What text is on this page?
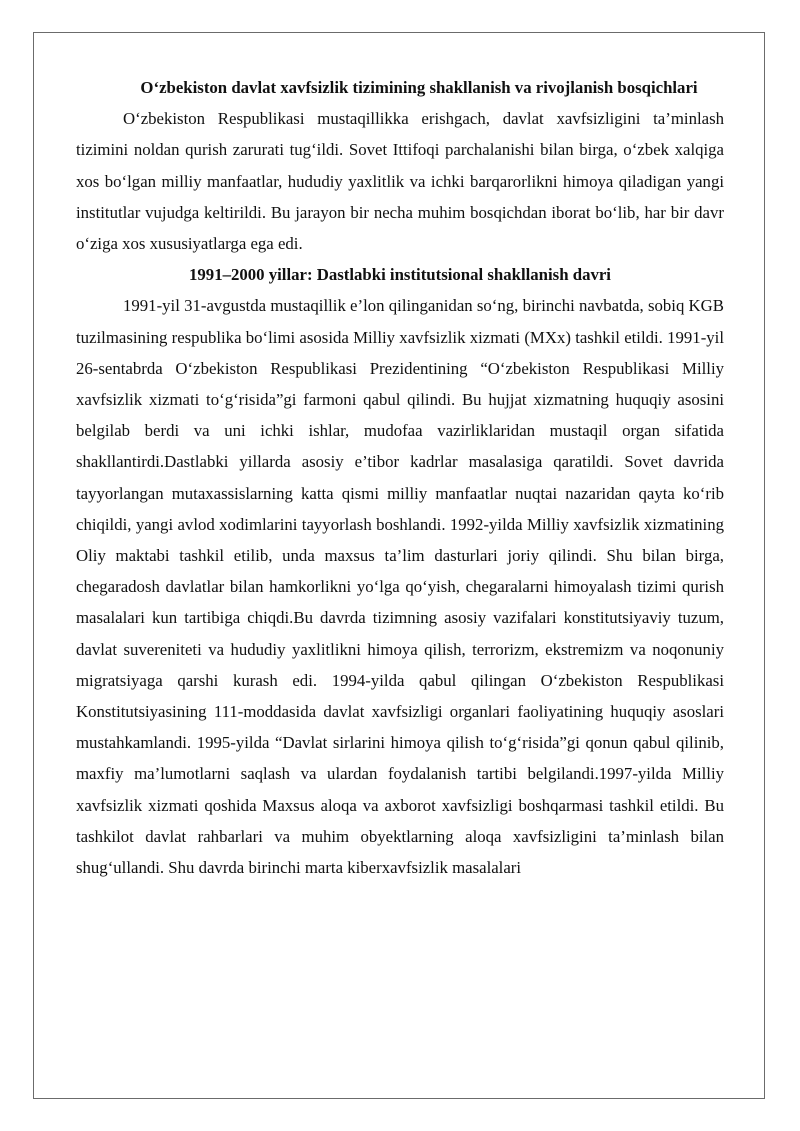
O‘zbekiston davlat xavfsizlik tizimining shakllanish va rivojlanish bosqichlari

O‘zbekiston Respublikasi mustaqillikka erishgach, davlat xavfsizligini ta’minlash tizimini noldan qurish zarurati tug‘ildi. Sovet Ittifoqi parchalanishi bilan birga, o‘zbek xalqiga xos bo‘lgan milliy manfaatlar, hududiy yaxlitlik va ichki barqarorlikni himoya qiladigan yangi institutlar vujudga keltirildi. Bu jarayon bir necha muhim bosqichdan iborat bo‘lib, har bir davr o‘ziga xos xususiyatlarga ega edi.

1991–2000 yillar: Dastlabki institutsional shakllanish davri

1991-yil 31-avgustda mustaqillik e’lon qilinganidan so‘ng, birinchi navbatda, sobiq KGB tuzilmasining respublika bo‘limi asosida Milliy xavfsizlik xizmati (MXx) tashkil etildi. 1991-yil 26-sentabrda O‘zbekiston Respublikasi Prezidentining “O‘zbekiston Respublikasi Milliy xavfsizlik xizmati to‘g‘risida”gi farmoni qabul qilindi. Bu hujjat xizmatning huquqiy asosini belgilab berdi va uni ichki ishlar, mudofaa vazirliklaridan mustaqil organ sifatida shakllantirdi.Dastlabki yillarda asosiy e’tibor kadrlar masalasiga qaratildi. Sovet davrida tayyorlangan mutaxassislarning katta qismi milliy manfaatlar nuqtai nazaridan qayta ko‘rib chiqildi, yangi avlod xodimlarini tayyorlash boshlandi. 1992-yilda Milliy xavfsizlik xizmatining Oliy maktabi tashkil etilib, unda maxsus ta’lim dasturlari joriy qilindi. Shu bilan birga, chegaradosh davlatlar bilan hamkorlikni yo‘lga qo‘yish, chegaralarni himoyalash tizimi qurish masalalari kun tartibiga chiqdi.Bu davrda tizimning asosiy vazifalari konstitutsiyaviy tuzum, davlat suvereniteti va hududiy yaxlitlikni himoya qilish, terrorizm, ekstremizm va noqonuniy migratsiyaga qarshi kurash edi. 1994-yilda qabul qilingan O‘zbekiston Respublikasi Konstitutsiyasining 111-moddasida davlat xavfsizligi organlari faoliyatining huquqiy asoslari mustahkamlandi. 1995-yilda “Davlat sirlarini himoya qilish to‘g‘risida”gi qonun qabul qilinib, maxfiy ma’lumotlarni saqlash va ulardan foydalanish tartibi belgilandi.1997-yilda Milliy xavfsizlik xizmati qoshida Maxsus aloqa va axborot xavfsizligi boshqarmasi tashkil etildi. Bu tashkilot davlat rahbarlari va muhim obyektlarning aloqa xavfsizligini ta’minlash bilan shug‘ullandi. Shu davrda birinchi marta kiberxavfsizlik masalalari
